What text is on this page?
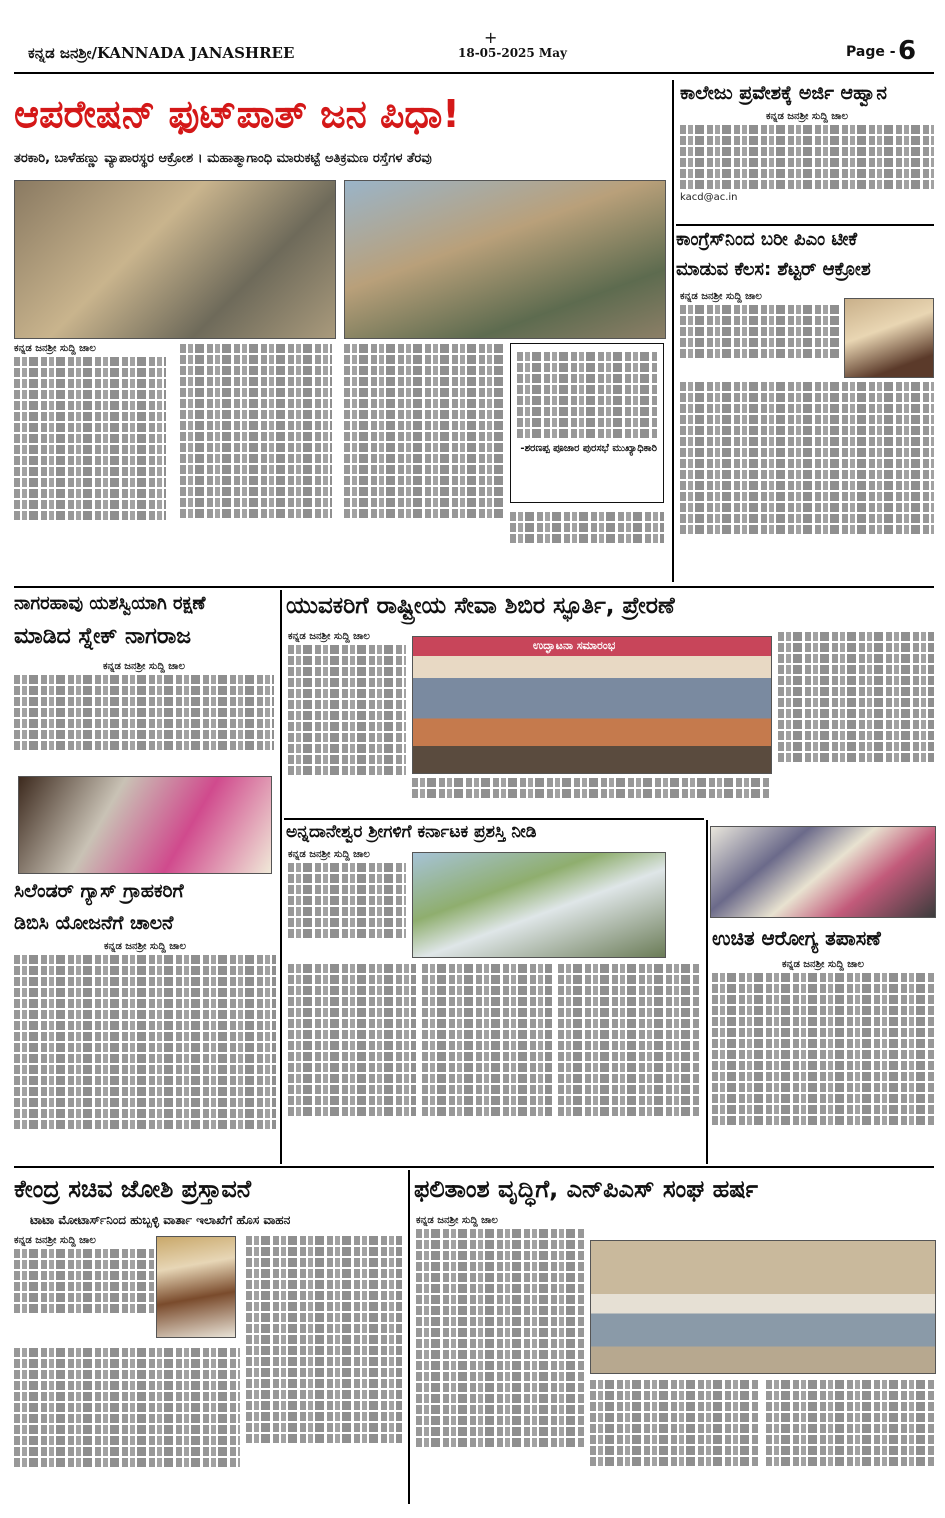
+
ಕನ್ನಡ ಜನಶ್ರೀ/KANNADA JANASHREE	18-05-2025 May	Page - 6
ಆಪರೇಷನ್ ಫುಟ್‌ಪಾತ್ ಜನ ಪಿಧಾ!
ತರಕಾರಿ, ಬಾಳೆಹಣ್ಣು ವ್ಯಾಪಾರಸ್ಥರ ಆಕ್ರೋಶ । ಮಹಾತ್ಮಾಗಾಂಧಿ ಮಾರುಕಟ್ಟೆ ಅತಿಕ್ರಮಣ ರಸ್ತೆಗಳ ತೆರವು
ಕನ್ನಡ ಜನಶ್ರೀ ಸುದ್ದಿ ಜಾಲ
-ಶರಣಪ್ಪ ಪೂಜಾರ ಪುರಸಭೆ ಮುಖ್ಯಾಧಿಕಾರಿ
ಕಾಲೇಜು ಪ್ರವೇಶಕ್ಕೆ ಅರ್ಜಿ ಆಹ್ವಾನ
ಕನ್ನಡ ಜನಶ್ರೀ ಸುದ್ದಿ ಜಾಲ
kacd@ac.in
ಕಾಂಗ್ರೆಸ್‌ನಿಂದ ಬರೀ ಪಿಎಂ ಟೀಕೆ
ಮಾಡುವ ಕೆಲಸ: ಶೆಟ್ಟರ್ ಆಕ್ರೋಶ
ಕನ್ನಡ ಜನಶ್ರೀ ಸುದ್ದಿ ಜಾಲ
ನಾಗರಹಾವು ಯಶಸ್ವಿಯಾಗಿ ರಕ್ಷಣೆ
ಮಾಡಿದ ಸ್ನೇಕ್ ನಾಗರಾಜ
ಕನ್ನಡ ಜನಶ್ರೀ ಸುದ್ದಿ ಜಾಲ
ಸಿಲೆಂಡರ್ ಗ್ಯಾಸ್ ಗ್ರಾಹಕರಿಗೆ
ಡಿಬಿಸಿ ಯೋಜನೆಗೆ ಚಾಲನೆ
ಕನ್ನಡ ಜನಶ್ರೀ ಸುದ್ದಿ ಜಾಲ
ಯುವಕರಿಗೆ ರಾಷ್ಟ್ರೀಯ ಸೇವಾ ಶಿಬಿರ ಸ್ಫೂರ್ತಿ, ಪ್ರೇರಣೆ
ಕನ್ನಡ ಜನಶ್ರೀ ಸುದ್ದಿ ಜಾಲ
ಉದ್ಘಾಟನಾ ಸಮಾರಂಭ
ಅನ್ನದಾನೇಶ್ವರ ಶ್ರೀಗಳಿಗೆ ಕರ್ನಾಟಕ ಪ್ರಶಸ್ತಿ ನೀಡಿ
ಕನ್ನಡ ಜನಶ್ರೀ ಸುದ್ದಿ ಜಾಲ
ಉಚಿತ ಆರೋಗ್ಯ ತಪಾಸಣೆ
ಕನ್ನಡ ಜನಶ್ರೀ ಸುದ್ದಿ ಜಾಲ
ಕೇಂದ್ರ ಸಚಿವ ಜೋಶಿ ಪ್ರಸ್ತಾವನೆ
ಟಾಟಾ ಮೋಟಾರ್ಸ್‌ನಿಂದ ಹುಬ್ಬಳ್ಳಿ ವಾರ್ತಾ ಇಲಾಖೆಗೆ ಹೊಸ ವಾಹನ
ಕನ್ನಡ ಜನಶ್ರೀ ಸುದ್ದಿ ಜಾಲ
ಫಲಿತಾಂಶ ವೃದ್ಧಿಗೆ, ಎನ್‌ಪಿಎಸ್ ಸಂಘ ಹರ್ಷ
ಕನ್ನಡ ಜನಶ್ರೀ ಸುದ್ದಿ ಜಾಲ
